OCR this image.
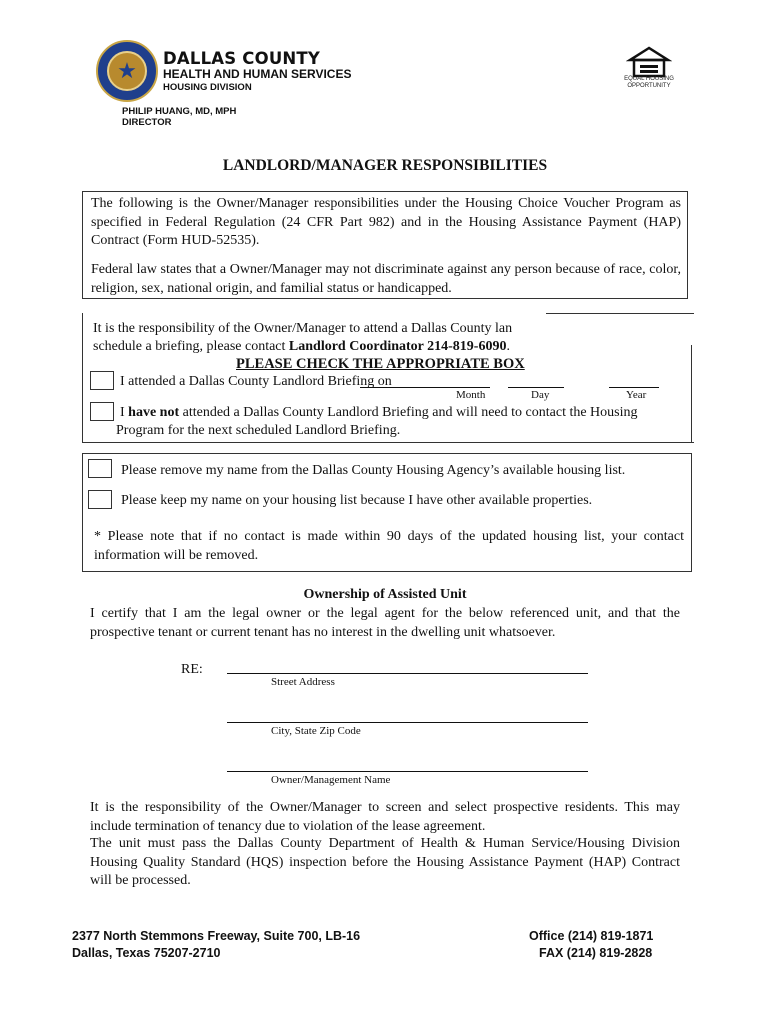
★	DALLAS COUNTY
HEALTH AND HUMAN SERVICES
HOUSING DIVISION
PHILIP HUANG, MD, MPH
DIRECTOR
EQUAL HOUSING OPPORTUNITY
LANDLORD/MANAGER RESPONSIBILITIES
The following is the Owner/Manager responsibilities under the Housing Choice Voucher Program as specified in Federal Regulation (24 CFR Part 982) and in the Housing Assistance Payment (HAP) Contract (Form HUD-52535).
Federal law states that a Owner/Manager may not discriminate against any person because of race, color, religion, sex, national origin, and familial status or handicapped.
It is the responsibility of the Owner/Manager to attend a Dallas County lan
schedule a briefing, please contact Landlord Coordinator 214-819-6090.
PLEASE CHECK THE APPROPRIATE BOX
I attended a Dallas County Landlord Briefing on
Month	Day	Year
I have not attended a Dallas County Landlord Briefing and will need to contact the Housing
Program for the next scheduled Landlord Briefing.
Please remove my name from the Dallas County Housing Agency’s available housing list.
Please keep my name on your housing list because I have other available properties.
* Please note that if no contact is made within 90 days of the updated housing list, your contact information will be removed.
Ownership of Assisted Unit
I certify that I am the legal owner or the legal agent for the below referenced unit, and that the prospective tenant or current tenant has no interest in the dwelling unit whatsoever.
RE:
Street Address
City, State Zip Code
Owner/Management Name
It is the responsibility of the Owner/Manager to screen and select prospective residents. This may include termination of tenancy due to violation of the lease agreement.
The unit must pass the Dallas County Department of Health & Human Service/Housing Division Housing Quality Standard (HQS) inspection before the Housing Assistance Payment (HAP) Contract will be processed.
2377 North Stemmons Freeway, Suite 700, LB-16
Dallas, Texas 75207-2710
Office (214) 819-1871
FAX (214) 819-2828
